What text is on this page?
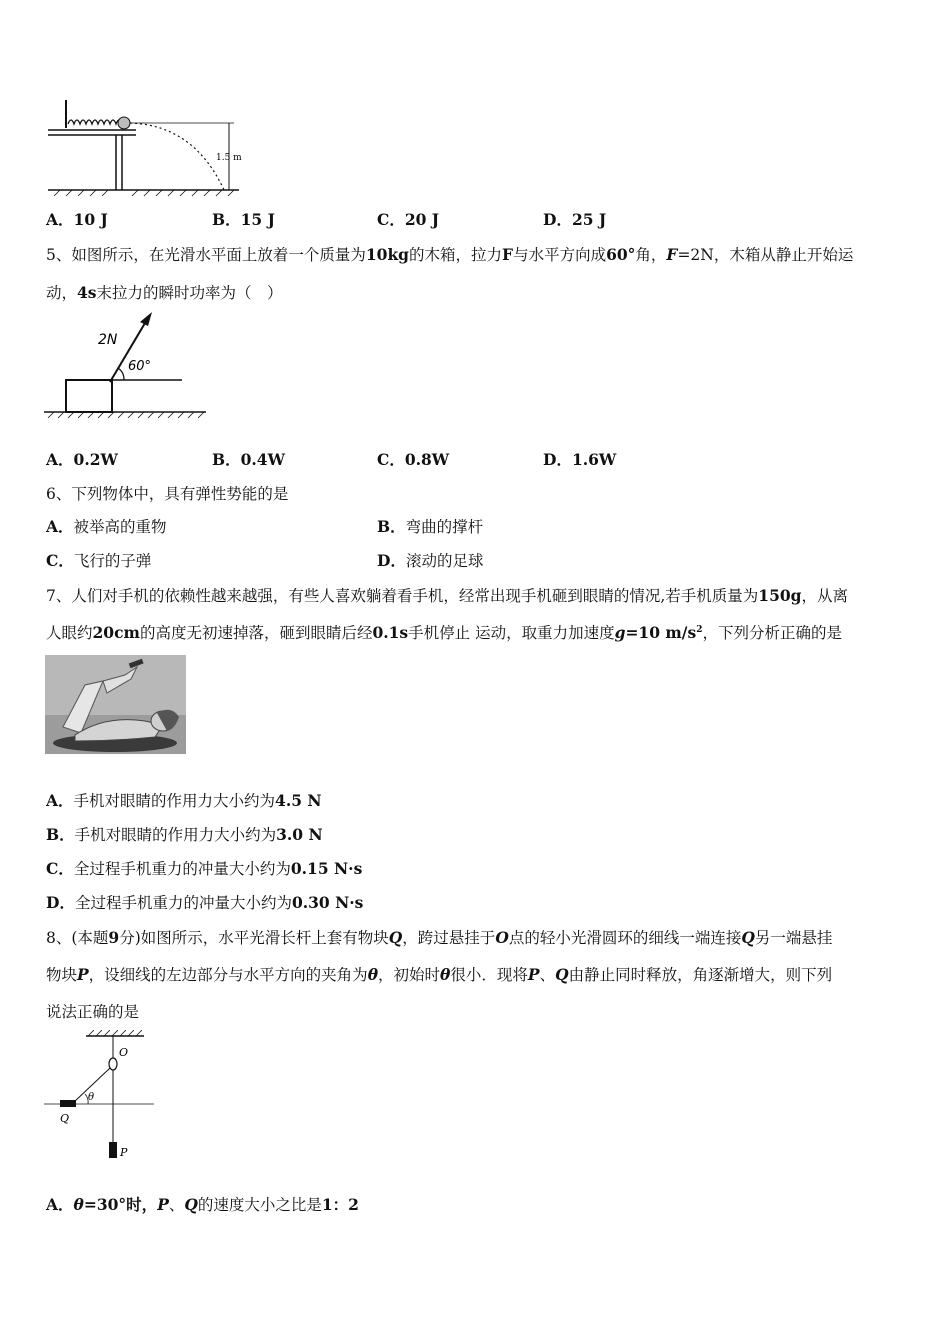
1.5 m
A．10 J	B．15 J	C．20 J	D．25 J
5、如图所示，在光滑水平面上放着一个质量为10kg的木箱，拉力F与水平方向成60°角，F=2N，木箱从静止开始运
动，4s末拉力的瞬时功率为（　）
2N
60°
A．0.2W	B．0.4W	C．0.8W	D．1.6W
6、下列物体中，具有弹性势能的是
A．被举高的重物	B．弯曲的撑杆
C．飞行的子弹	D．滚动的足球
7、人们对手机的依赖性越来越强，有些人喜欢躺着看手机，经常出现手机砸到眼睛的情况,若手机质量为150g，从离
人眼约20cm的高度无初速掉落，砸到眼睛后经0.1s手机停止 运动，取重力加速度g=10 $m/s^2$，下列分析正确的是
A．手机对眼睛的作用力大小约为4.5 N
B．手机对眼睛的作用力大小约为3.0 N
C．全过程手机重力的冲量大小约为0.15 N·s
D．全过程手机重力的冲量大小约为0.30 N·s
8、(本题9分)如图所示，水平光滑长杆上套有物块Q，跨过悬挂于O点的轻小光滑圆环的细线一端连接Q另一端悬挂
物块P，设细线的左边部分与水平方向的夹角为θ，初始时θ很小．现将P、Q由静止同时释放，角逐渐增大，则下列
说法正确的是
O
θ
Q
P
A．θ=30°时，P、Q的速度大小之比是1：2
